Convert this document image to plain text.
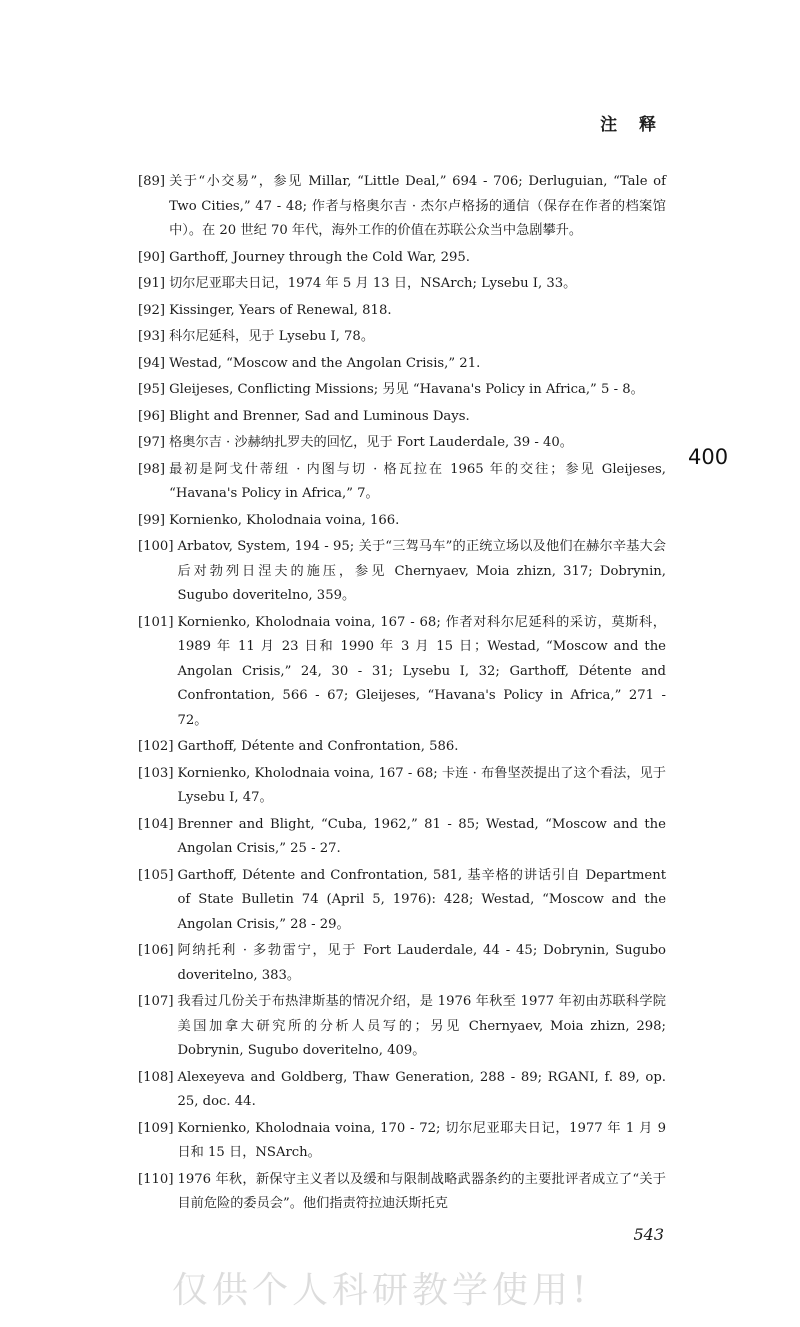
注 释
400
[89] 关于“小交易”，参见 Millar, “Little Deal,” 694 - 706; Derluguian, “Tale of Two Cities,” 47 - 48; 作者与格奥尔吉 · 杰尔卢格扬的通信（保存在作者的档案馆中）。在 20 世纪 70 年代，海外工作的价值在苏联公众当中急剧攀升。
[90] Garthoff, Journey through the Cold War, 295.
[91] 切尔尼亚耶夫日记，1974 年 5 月 13 日，NSArch; Lysebu I, 33。
[92] Kissinger, Years of Renewal, 818.
[93] 科尔尼延科，见于 Lysebu I, 78。
[94] Westad, “Moscow and the Angolan Crisis,” 21.
[95] Gleijeses, Conflicting Missions; 另见 “Havana's Policy in Africa,” 5 - 8。
[96] Blight and Brenner, Sad and Luminous Days.
[97] 格奥尔吉 · 沙赫纳扎罗夫的回忆，见于 Fort Lauderdale, 39 - 40。
[98] 最初是阿戈什蒂纽 · 内图与切 · 格瓦拉在 1965 年的交往；参见 Gleijeses, “Havana's Policy in Africa,” 7。
[99] Kornienko, Kholodnaia voina, 166.
[100] Arbatov, System, 194 - 95; 关于“三驾马车”的正统立场以及他们在赫尔辛基大会后对勃列日涅夫的施压，参见 Chernyaev, Moia zhizn, 317; Dobrynin, Sugubo doveritelno, 359。
[101] Kornienko, Kholodnaia voina, 167 - 68; 作者对科尔尼延科的采访，莫斯科，1989 年 11 月 23 日和 1990 年 3 月 15 日；Westad, “Moscow and the Angolan Crisis,” 24, 30 - 31; Lysebu I, 32; Garthoff, Détente and Confrontation, 566 - 67; Gleijeses, “Havana's Policy in Africa,” 271 - 72。
[102] Garthoff, Détente and Confrontation, 586.
[103] Kornienko, Kholodnaia voina, 167 - 68; 卡连 · 布鲁坚茨提出了这个看法，见于 Lysebu I, 47。
[104] Brenner and Blight, “Cuba, 1962,” 81 - 85; Westad, “Moscow and the Angolan Crisis,” 25 - 27.
[105] Garthoff, Détente and Confrontation, 581, 基辛格的讲话引自 Department of State Bulletin 74 (April 5, 1976): 428; Westad, “Moscow and the Angolan Crisis,” 28 - 29。
[106] 阿纳托利 · 多勃雷宁，见于 Fort Lauderdale, 44 - 45; Dobrynin, Sugubo doveritelno, 383。
[107] 我看过几份关于布热津斯基的情况介绍，是 1976 年秋至 1977 年初由苏联科学院美国加拿大研究所的分析人员写的；另见 Chernyaev, Moia zhizn, 298; Dobrynin, Sugubo doveritelno, 409。
[108] Alexeyeva and Goldberg, Thaw Generation, 288 - 89; RGANI, f. 89, op. 25, doc. 44.
[109] Kornienko, Kholodnaia voina, 170 - 72; 切尔尼亚耶夫日记，1977 年 1 月 9 日和 15 日，NSArch。
[110] 1976 年秋，新保守主义者以及缓和与限制战略武器条约的主要批评者成立了“关于目前危险的委员会”。他们指责符拉迪沃斯托克
543
仅供个人科研教学使用!
